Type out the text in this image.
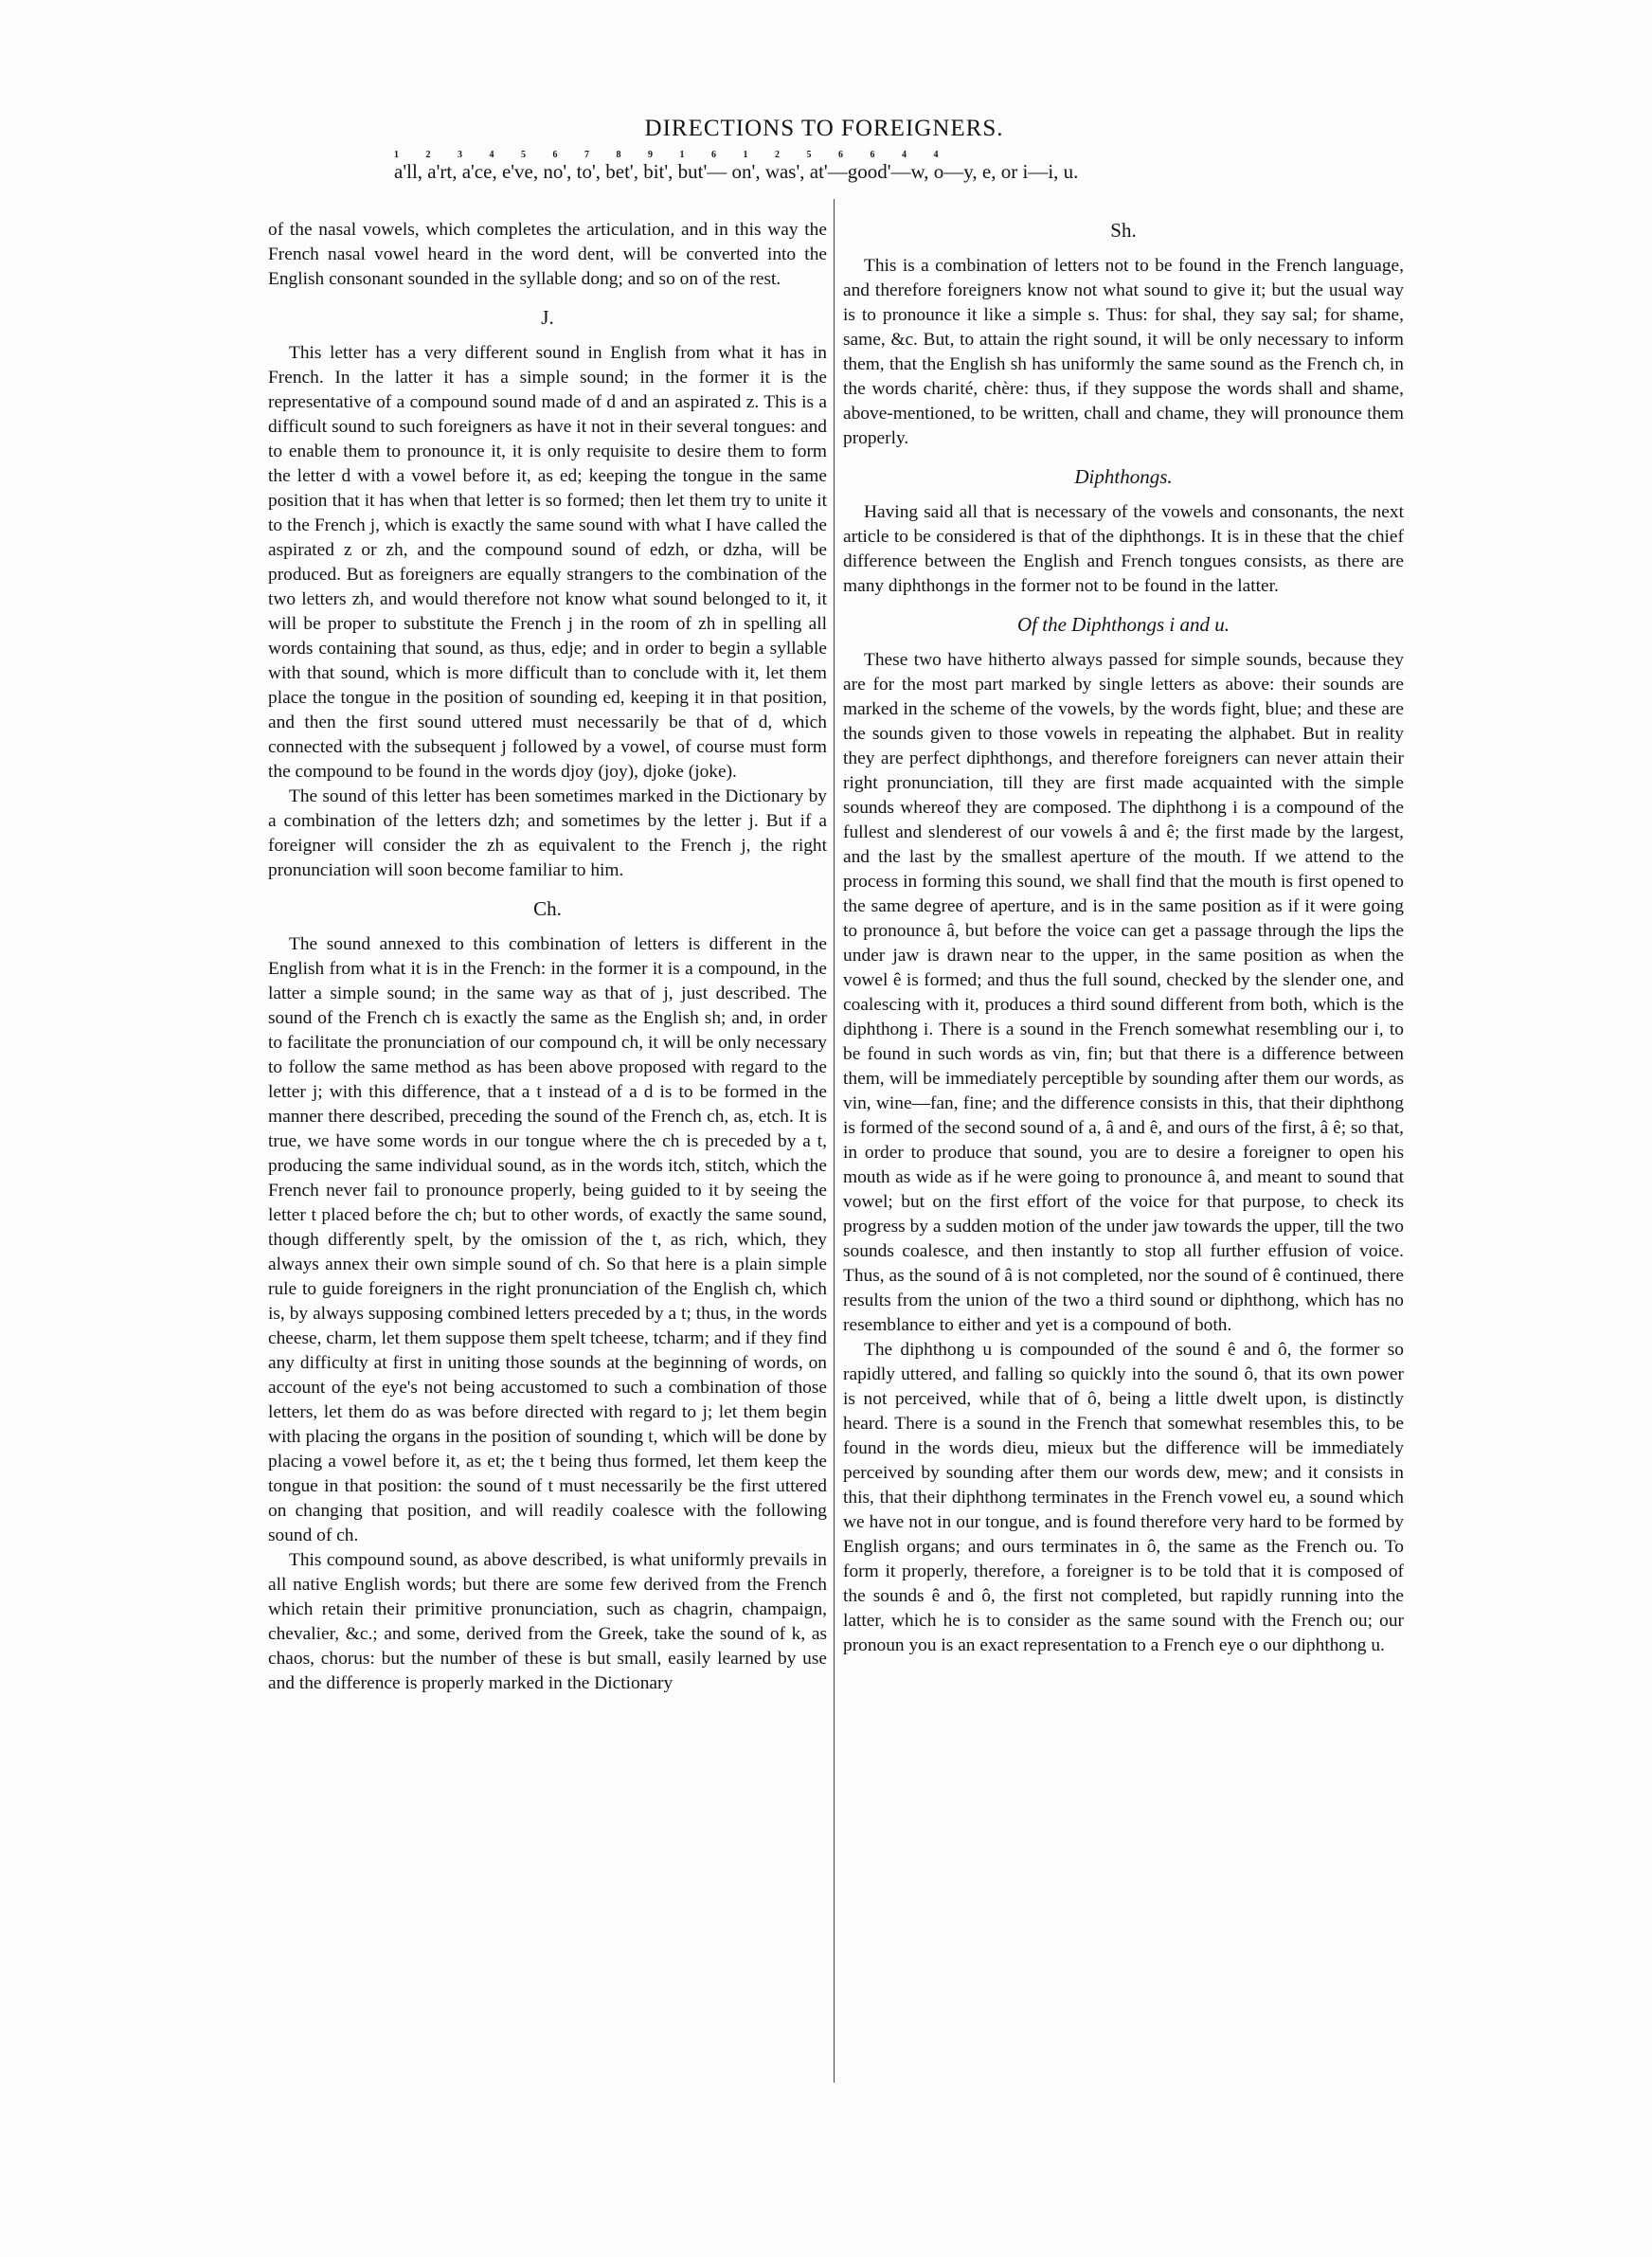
DIRECTIONS TO FOREIGNERS.
1 2 3 4 5 6 7 8 9 1 6 1 2 5 6 6 4 4
a'll, a'rt, a'ce, e've, no', to', bet', bit', but'— on', was', at'—good'—w, o—y, e, or i—i, u.

of the nasal vowels, which completes the articulation, and in this way the French nasal vowel heard in the word dent, will be converted into the English consonant sounded in the syllable dong; and so on of the rest.

J.

This letter has a very different sound in English from what it has in French. In the latter it has a simple sound; in the former it is the representative of a compound sound made of d and an aspirated z. This is a difficult sound to such foreigners as have it not in their several tongues: and to enable them to pronounce it, it is only requisite to desire them to form the letter d with a vowel before it, as ed; keeping the tongue in the same position that it has when that letter is so formed; then let them try to unite it to the French j, which is exactly the same sound with what I have called the aspirated z or zh, and the compound sound of edzh, or dzha, will be produced. But as foreigners are equally strangers to the combination of the two letters zh, and would therefore not know what sound belonged to it, it will be proper to substitute the French j in the room of zh in spelling all words containing that sound, as thus, edje; and in order to begin a syllable with that sound, which is more difficult than to conclude with it, let them place the tongue in the position of sounding ed, keeping it in that position, and then the first sound uttered must necessarily be that of d, which connected with the subsequent j followed by a vowel, of course must form the compound to be found in the words djoy (joy), djoke (joke).

The sound of this letter has been sometimes marked in the Dictionary by a combination of the letters dzh; and sometimes by the letter j. But if a foreigner will consider the zh as equivalent to the French j, the right pronunciation will soon become familiar to him.

Ch.

The sound annexed to this combination of letters is different in the English from what it is in the French: in the former it is a compound, in the latter a simple sound; in the same way as that of j, just described. The sound of the French ch is exactly the same as the English sh; and, in order to facilitate the pronunciation of our compound ch, it will be only necessary to follow the same method as has been above proposed with regard to the letter j; with this difference, that a t instead of a d is to be formed in the manner there described, preceding the sound of the French ch, as, etch. It is true, we have some words in our tongue where the ch is preceded by a t, producing the same individual sound, as in the words itch, stitch, which the French never fail to pronounce properly, being guided to it by seeing the letter t placed before the ch; but to other words, of exactly the same sound, though differently spelt, by the omission of the t, as rich, which, they always annex their own simple sound of ch. So that here is a plain simple rule to guide foreigners in the right pronunciation of the English ch, which is, by always supposing combined letters preceded by a t; thus, in the words cheese, charm, let them suppose them spelt tcheese, tcharm; and if they find any difficulty at first in uniting those sounds at the beginning of words, on account of the eye's not being accustomed to such a combination of those letters, let them do as was before directed with regard to j; let them begin with placing the organs in the position of sounding t, which will be done by placing a vowel before it, as et; the t being thus formed, let them keep the tongue in that position: the sound of t must necessarily be the first uttered on changing that position, and will readily coalesce with the following sound of ch.

This compound sound, as above described, is what uniformly prevails in all native English words; but there are some few derived from the French which retain their primitive pronunciation, such as chagrin, champaign, chevalier, &c.; and some, derived from the Greek, take the sound of k, as chaos, chorus: but the number of these is but small, easily learned by use and the difference is properly marked in the Dictionary

Sh.

This is a combination of letters not to be found in the French language, and therefore foreigners know not what sound to give it; but the usual way is to pronounce it like a simple s. Thus: for shal, they say sal; for shame, same, &c. But, to attain the right sound, it will be only necessary to inform them, that the English sh has uniformly the same sound as the French ch, in the words charité, chère: thus, if they suppose the words shall and shame, above-mentioned, to be written, chall and chame, they will pronounce them properly.

Diphthongs.

Having said all that is necessary of the vowels and consonants, the next article to be considered is that of the diphthongs. It is in these that the chief difference between the English and French tongues consists, as there are many diphthongs in the former not to be found in the latter.

Of the Diphthongs i and u.

These two have hitherto always passed for simple sounds, because they are for the most part marked by single letters as above: their sounds are marked in the scheme of the vowels, by the words fight, blue; and these are the sounds given to those vowels in repeating the alphabet. But in reality they are perfect diphthongs, and therefore foreigners can never attain their right pronunciation, till they are first made acquainted with the simple sounds whereof they are composed. The diphthong i is a compound of the fullest and slenderest of our vowels â and ê; the first made by the largest, and the last by the smallest aperture of the mouth. If we attend to the process in forming this sound, we shall find that the mouth is first opened to the same degree of aperture, and is in the same position as if it were going to pronounce â, but before the voice can get a passage through the lips the under jaw is drawn near to the upper, in the same position as when the vowel ê is formed; and thus the full sound, checked by the slender one, and coalescing with it, produces a third sound different from both, which is the diphthong i. There is a sound in the French somewhat resembling our i, to be found in such words as vin, fin; but that there is a difference between them, will be immediately perceptible by sounding after them our words, as vin, wine—fan, fine; and the difference consists in this, that their diphthong is formed of the second sound of a, â and ê, and ours of the first, â ê; so that, in order to produce that sound, you are to desire a foreigner to open his mouth as wide as if he were going to pronounce â, and meant to sound that vowel; but on the first effort of the voice for that purpose, to check its progress by a sudden motion of the under jaw towards the upper, till the two sounds coalesce, and then instantly to stop all further effusion of voice. Thus, as the sound of â is not completed, nor the sound of ê continued, there results from the union of the two a third sound or diphthong, which has no resemblance to either and yet is a compound of both.

The diphthong u is compounded of the sound ê and ô, the former so rapidly uttered, and falling so quickly into the sound ô, that its own power is not perceived, while that of ô, being a little dwelt upon, is distinctly heard. There is a sound in the French that somewhat resembles this, to be found in the words dieu, mieux but the difference will be immediately perceived by sounding after them our words dew, mew; and it consists in this, that their diphthong terminates in the French vowel eu, a sound which we have not in our tongue, and is found therefore very hard to be formed by English organs; and ours terminates in ô, the same as the French ou. To form it properly, therefore, a foreigner is to be told that it is composed of the sounds ê and ô, the first not completed, but rapidly running into the latter, which he is to consider as the same sound with the French ou; our pronoun you is an exact representation to a French eye o our diphthong u.
